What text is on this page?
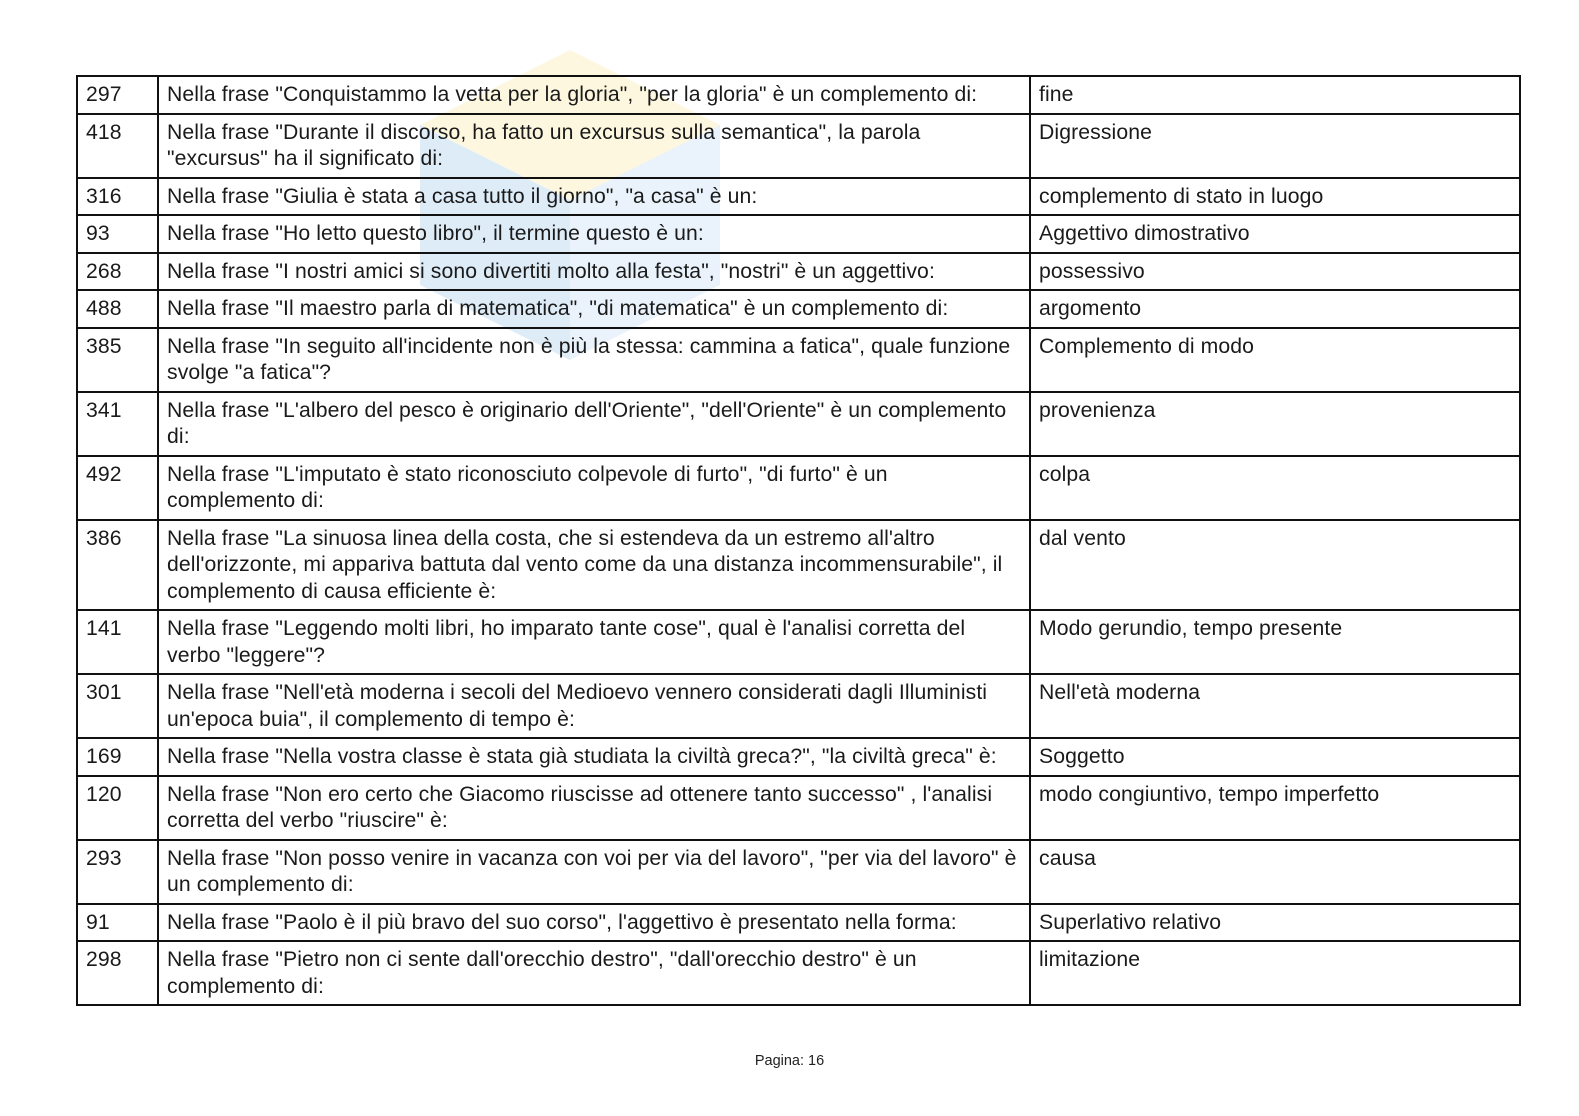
297	Nella frase "Conquistammo la vetta per la gloria", "per la gloria" è un complemento di:	fine
418	Nella frase "Durante il discorso, ha fatto un excursus sulla semantica", la parola "excursus" ha il significato di:	Digressione
316	Nella frase "Giulia è stata a casa tutto il giorno", "a casa" è un:	complemento di stato in luogo
93	Nella frase "Ho letto questo libro", il termine questo è un:	Aggettivo dimostrativo
268	Nella frase "I nostri amici si sono divertiti molto alla festa", "nostri" è un aggettivo:	possessivo
488	Nella frase "Il maestro parla di matematica", "di matematica" è un complemento di:	argomento
385	Nella frase "In seguito all'incidente non è più la stessa: cammina a fatica", quale funzione svolge "a fatica"?	Complemento di modo
341	Nella frase "L'albero del pesco è originario dell'Oriente", "dell'Oriente" è un complemento di:	provenienza
492	Nella frase "L'imputato è stato riconosciuto colpevole di furto", "di furto" è un complemento di:	colpa
386	Nella frase "La sinuosa linea della costa, che si estendeva da un estremo all'altro dell'orizzonte, mi appariva battuta dal vento come da una distanza incommensurabile", il complemento di causa efficiente è:	dal vento
141	Nella frase "Leggendo molti libri, ho imparato tante cose", qual è l'analisi corretta del verbo "leggere"?	Modo gerundio, tempo presente
301	Nella frase "Nell'età moderna i secoli del Medioevo vennero considerati dagli Illuministi un'epoca buia", il complemento di tempo è:	Nell'età moderna
169	Nella frase "Nella vostra classe è stata già studiata la civiltà greca?", "la civiltà greca" è:	Soggetto
120	Nella frase "Non ero certo che Giacomo riuscisse ad ottenere tanto successo" , l'analisi corretta del verbo "riuscire" è:	modo congiuntivo, tempo imperfetto
293	Nella frase "Non posso venire in vacanza con voi per via del lavoro", "per via del lavoro" è un complemento di:	causa
91	Nella frase "Paolo è il più bravo del suo corso", l'aggettivo è presentato nella forma:	Superlativo relativo
298	Nella frase "Pietro non ci sente dall'orecchio destro", "dall'orecchio destro" è un complemento di:	limitazione
Pagina: 16
